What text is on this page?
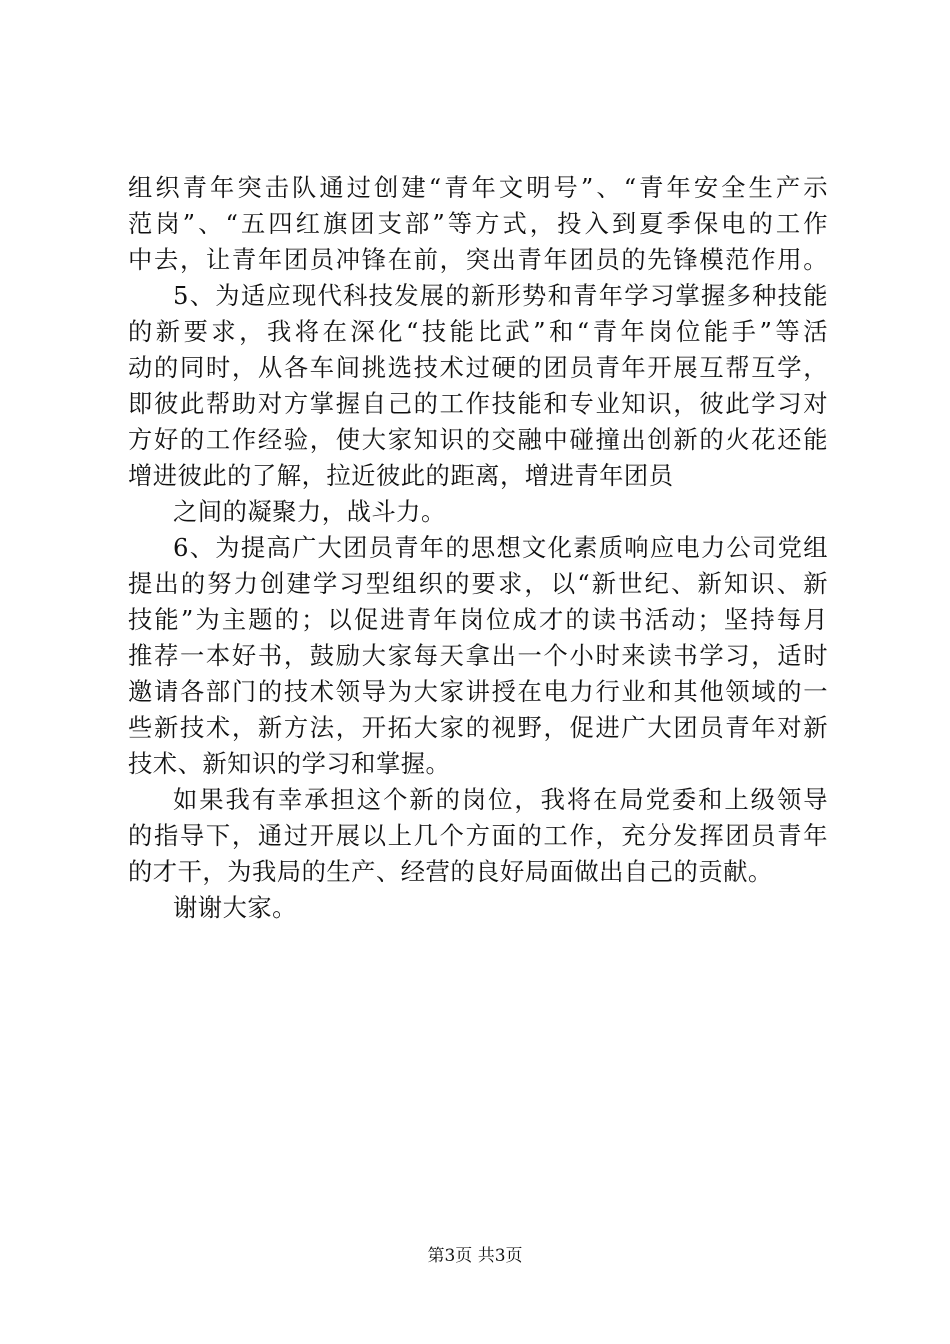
组织青年突击队通过创建“青年文明号”、“青年安全生产示
范岗”、“五四红旗团支部”等方式，投入到夏季保电的工作
中去，让青年团员冲锋在前，突出青年团员的先锋模范作用。
5、为适应现代科技发展的新形势和青年学习掌握多种技能
的新要求，我将在深化“技能比武”和“青年岗位能手”等活
动的同时，从各车间挑选技术过硬的团员青年开展互帮互学，
即彼此帮助对方掌握自己的工作技能和专业知识，彼此学习对
方好的工作经验，使大家知识的交融中碰撞出创新的火花还能
增进彼此的了解，拉近彼此的距离，增进青年团员
之间的凝聚力，战斗力。
6、为提高广大团员青年的思想文化素质响应电力公司党组
提出的努力创建学习型组织的要求，以“新世纪、新知识、新
技能”为主题的；以促进青年岗位成才的读书活动；坚持每月
推荐一本好书，鼓励大家每天拿出一个小时来读书学习，适时
邀请各部门的技术领导为大家讲授在电力行业和其他领域的一
些新技术，新方法，开拓大家的视野，促进广大团员青年对新
技术、新知识的学习和掌握。
如果我有幸承担这个新的岗位，我将在局党委和上级领导
的指导下，通过开展以上几个方面的工作，充分发挥团员青年
的才干，为我局的生产、经营的良好局面做出自己的贡献。
谢谢大家。
第3页 共3页
